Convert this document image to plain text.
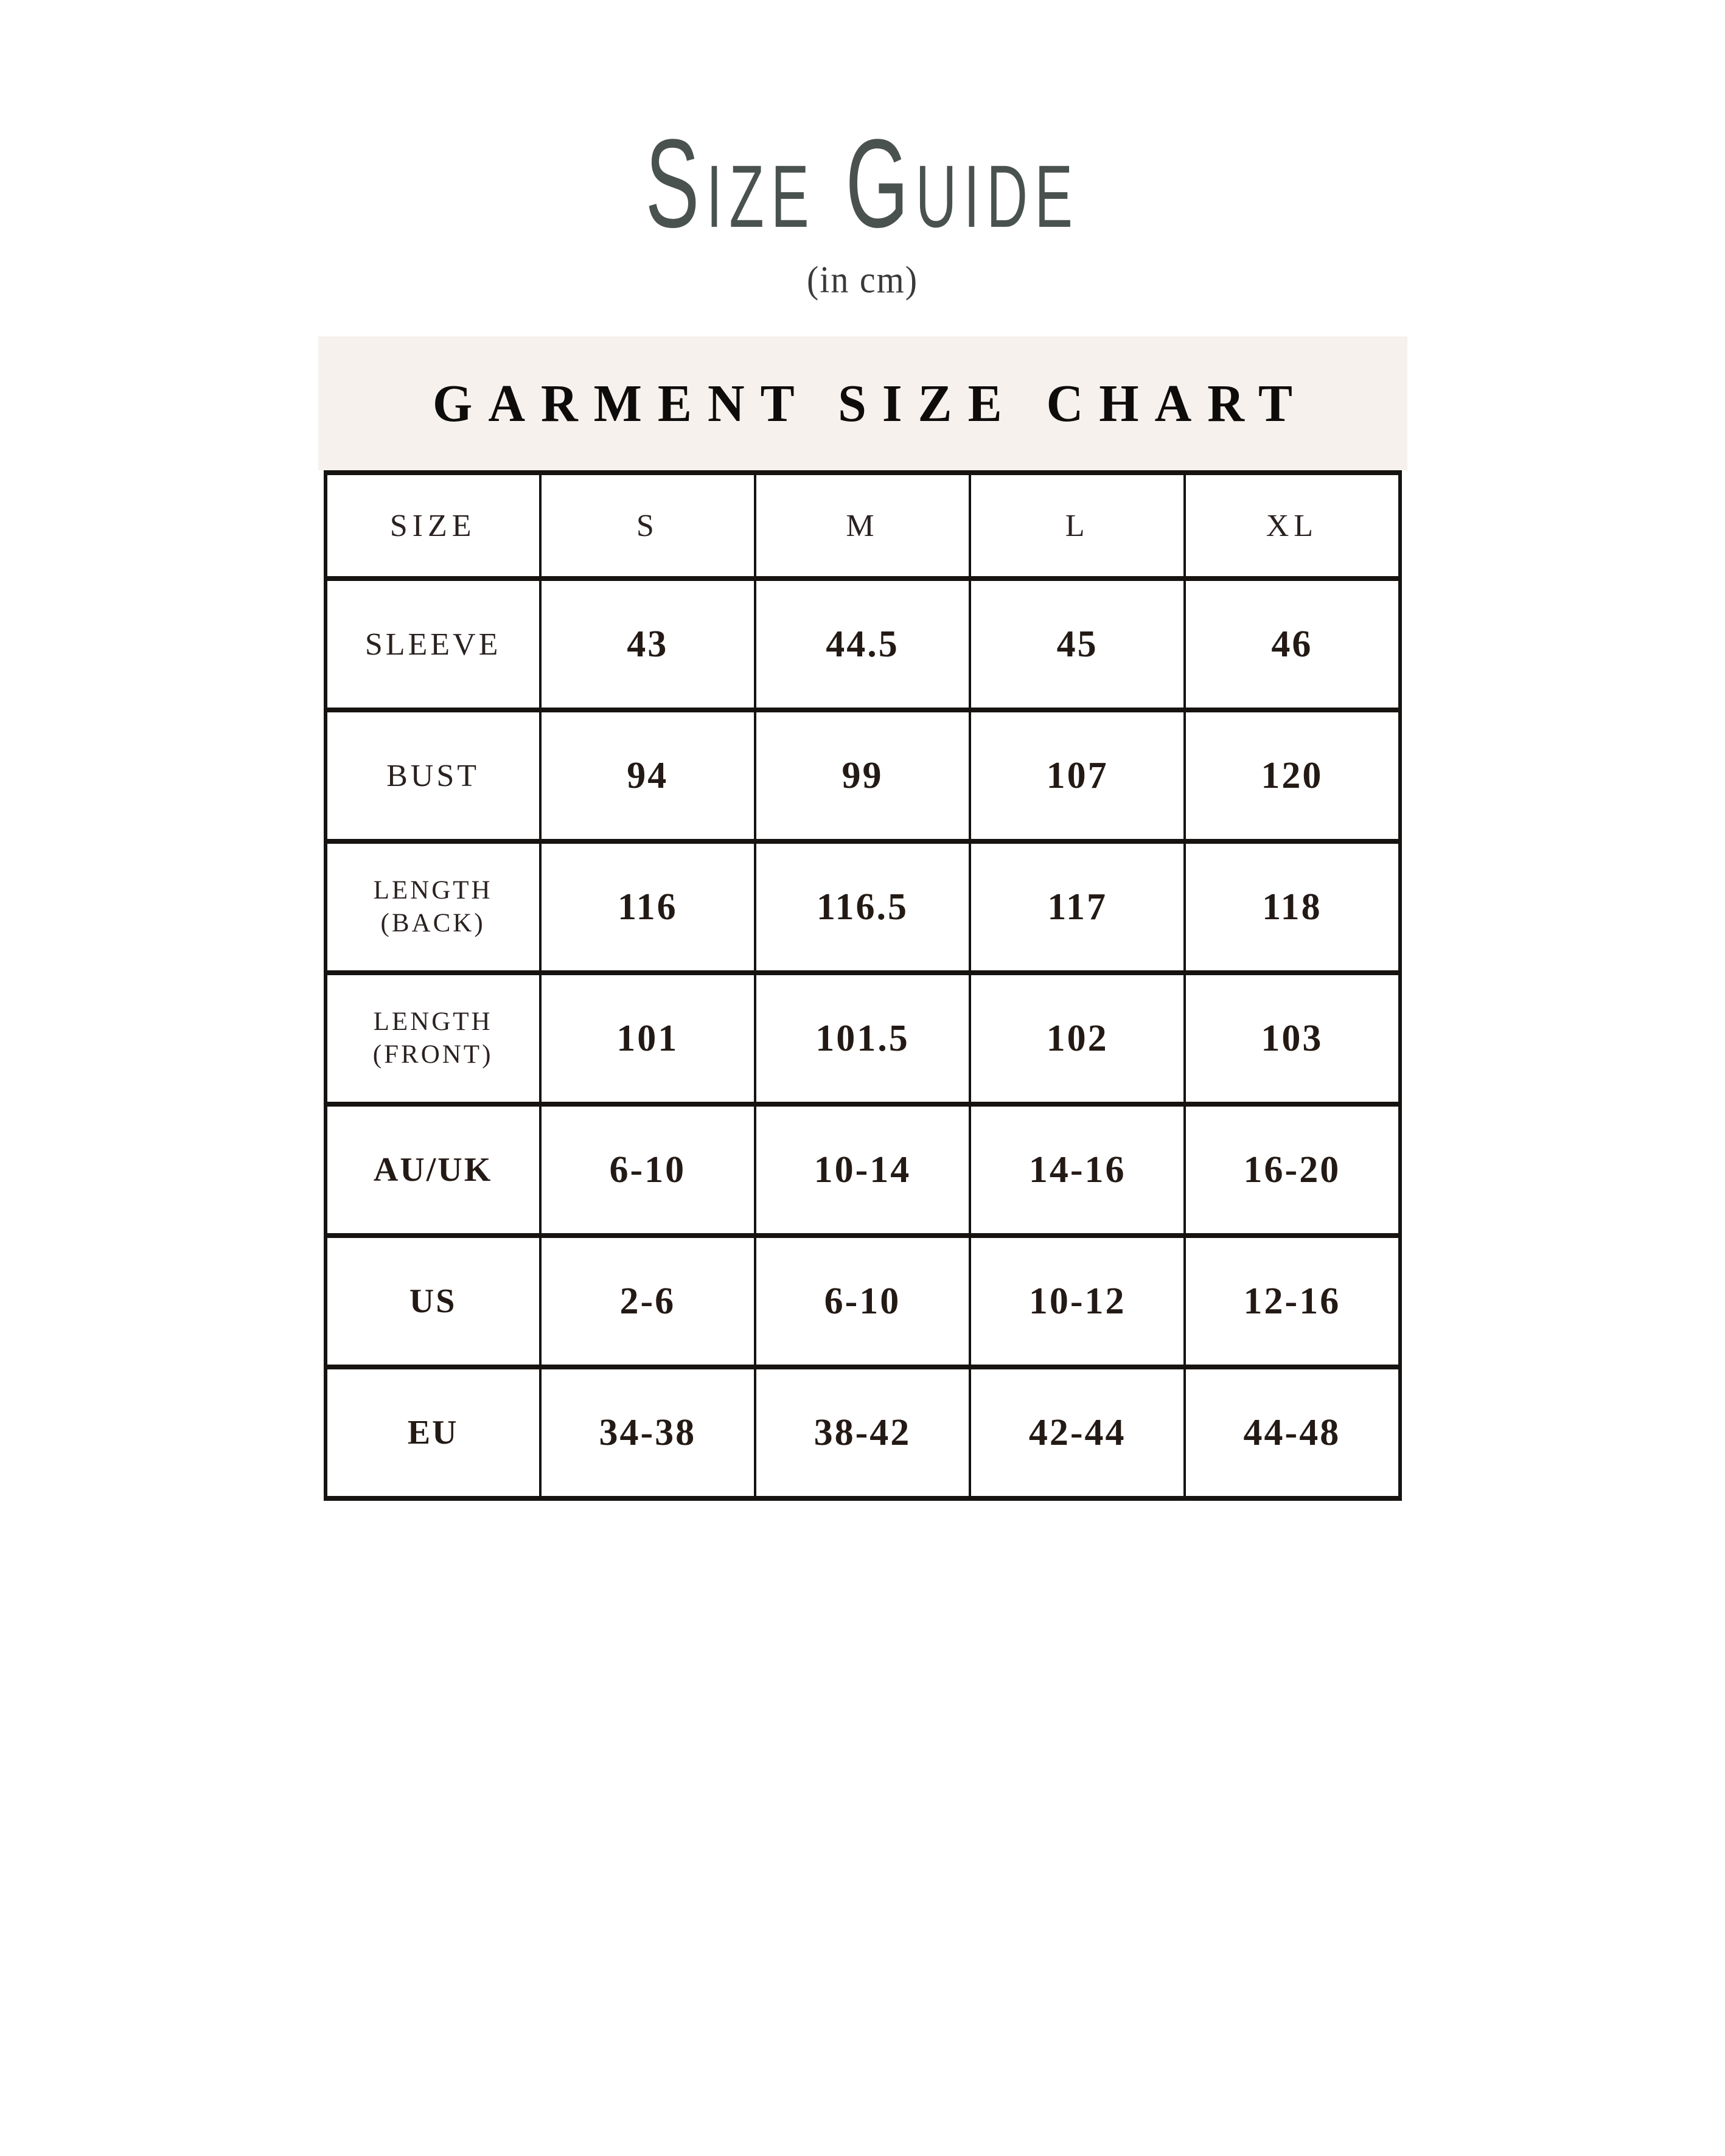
Size Guide
(in cm)
GARMENT SIZE CHART
SIZE	S	M	L	XL
SLEEVE	43	44.5	45	46
BUST	94	99	107	120
LENGTH
(BACK)	116	116.5	117	118
LENGTH
(FRONT)	101	101.5	102	103
AU/UK	6-10	10-14	14-16	16-20
US	2-6	6-10	10-12	12-16
EU	34-38	38-42	42-44	44-48
